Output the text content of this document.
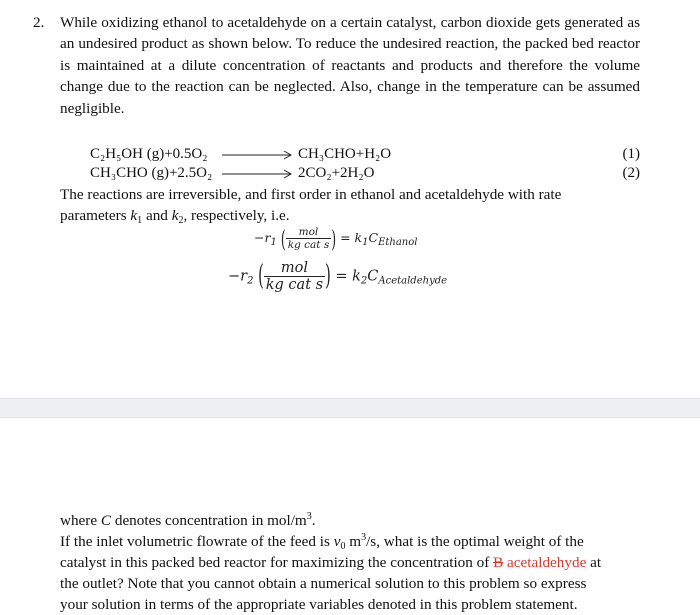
2. While oxidizing ethanol to acetaldehyde on a certain catalyst, carbon dioxide gets generated as an undesired product as shown below. To reduce the undesired reaction, the packed bed reactor is maintained at a dilute concentration of reactants and products and therefore the volume change due to the reaction can be neglected. Also, change in the temperature can be assumed negligible.
C₂H₅OH (g)+0.5O₂	CH₃CHO+H₂O	(1)
CH₃CHO (g)+2.5O₂	2CO₂+2H₂O	(2)
The reactions are irreversible, and first order in ethanol and acetaldehyde with rate
parameters $k_1$ and $k_2$, respectively, i.e.
$-r_1$ ( $\frac{\text{mol}}{\text{kg cat s}}$ ) = $k_1C_{Ethanol}$
$-r_2$ ( $\frac{\text{mol}}{\text{kg cat s}}$ ) = $k_2C_{Acetaldehyde}$
where C denotes concentration in mol/$m^3$.
If the inlet volumetric flowrate of the feed is $v_0$ $m^3/s$, what is the optimal weight of the
catalyst in this packed bed reactor for maximizing the concentration of B acetaldehyde at
the outlet? Note that you cannot obtain a numerical solution to this problem so express
your solution in terms of the appropriate variables denoted in this problem statement.
